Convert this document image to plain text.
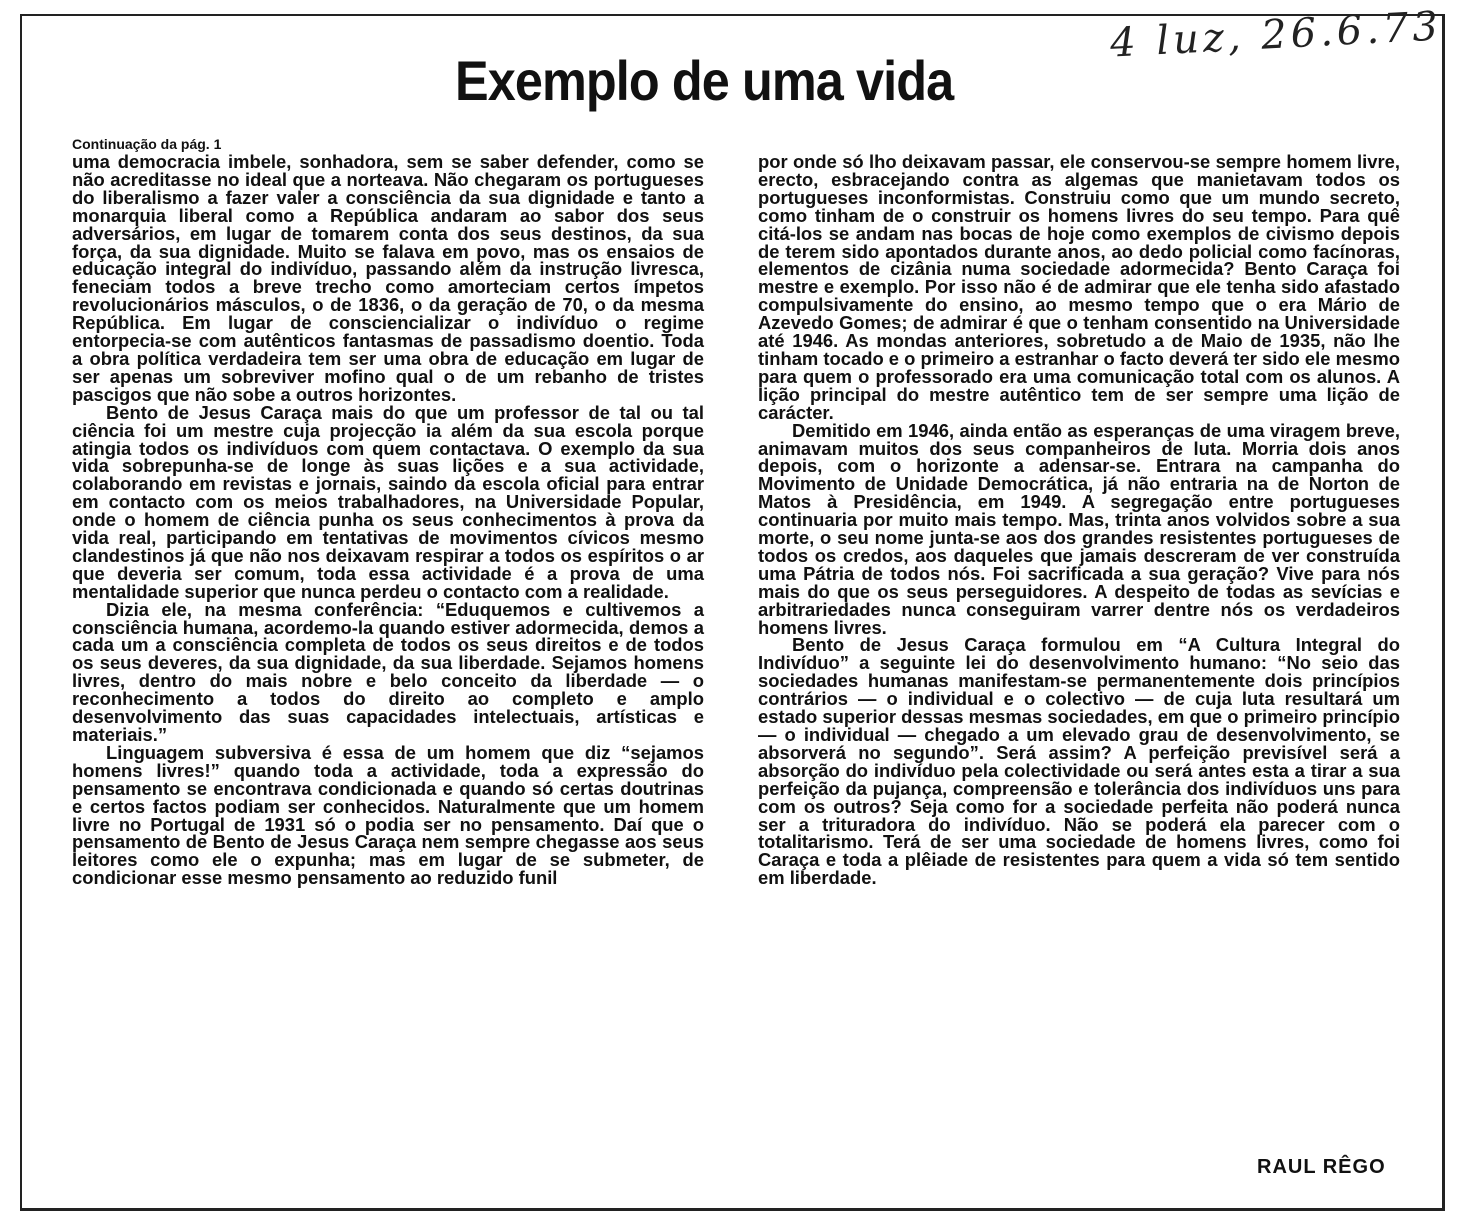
4 luz, 26.6.73
Exemplo de uma vida
Continuação da pág. 1

uma democracia imbele, sonhadora, sem se saber defender, como se não acreditasse no ideal que a norteava. Não chegaram os portugueses do liberalismo a fazer valer a consciência da sua dignidade e tanto a monarquia liberal como a República andaram ao sabor dos seus adversários, em lugar de tomarem conta dos seus destinos, da sua força, da sua dignidade. Muito se falava em povo, mas os ensaios de educação integral do indivíduo, passando além da instrução livresca, feneciam todos a breve trecho como amorteciam certos ímpetos revolucionários másculos, o de 1836, o da geração de 70, o da mesma República. Em lugar de consciencializar o indivíduo o regime entorpecia-se com autênticos fantasmas de passadismo doentio. Toda a obra política verdadeira tem ser uma obra de educação em lugar de ser apenas um sobreviver mofino qual o de um rebanho de tristes pascigos que não sobe a outros horizontes.

Bento de Jesus Caraça mais do que um professor de tal ou tal ciência foi um mestre cuja projecção ia além da sua escola porque atingia todos os indivíduos com quem contactava. O exemplo da sua vida sobrepunha-se de longe às suas lições e a sua actividade, colaborando em revistas e jornais, saindo da escola oficial para entrar em contacto com os meios trabalhadores, na Universidade Popular, onde o homem de ciência punha os seus conhecimentos à prova da vida real, participando em tentativas de movimentos cívicos mesmo clandestinos já que não nos deixavam respirar a todos os espíritos o ar que deveria ser comum, toda essa actividade é a prova de uma mentalidade superior que nunca perdeu o contacto com a realidade.

Dizia ele, na mesma conferência: “Eduquemos e cultivemos a consciência humana, acordemo-la quando estiver adormecida, demos a cada um a consciência completa de todos os seus direitos e de todos os seus deveres, da sua dignidade, da sua liberdade. Sejamos homens livres, dentro do mais nobre e belo conceito da liberdade — o reconhecimento a todos do direito ao completo e amplo desenvolvimento das suas capacidades intelectuais, artísticas e materiais.”

Linguagem subversiva é essa de um homem que diz “sejamos homens livres!” quando toda a actividade, toda a expressão do pensamento se encontrava condicionada e quando só certas doutrinas e certos factos podiam ser conhecidos. Naturalmente que um homem livre no Portugal de 1931 só o podia ser no pensamento. Daí que o pensamento de Bento de Jesus Caraça nem sempre chegasse aos seus leitores como ele o expunha; mas em lugar de se submeter, de condicionar esse mesmo pensamento ao reduzido funil

por onde só lho deixavam passar, ele conservou-se sempre homem livre, erecto, esbracejando contra as algemas que manietavam todos os portugueses inconformistas. Construiu como que um mundo secreto, como tinham de o construir os homens livres do seu tempo. Para quê citá-los se andam nas bocas de hoje como exemplos de civismo depois de terem sido apontados durante anos, ao dedo policial como facínoras, elementos de cizânia numa sociedade adormecida? Bento Caraça foi mestre e exemplo. Por isso não é de admirar que ele tenha sido afastado compulsivamente do ensino, ao mesmo tempo que o era Mário de Azevedo Gomes; de admirar é que o tenham consentido na Universidade até 1946. As mondas anteriores, sobretudo a de Maio de 1935, não lhe tinham tocado e o primeiro a estranhar o facto deverá ter sido ele mesmo para quem o professorado era uma comunicação total com os alunos. A lição principal do mestre autêntico tem de ser sempre uma lição de carácter.

Demitido em 1946, ainda então as esperanças de uma viragem breve, animavam muitos dos seus companheiros de luta. Morria dois anos depois, com o horizonte a adensar-se. Entrara na campanha do Movimento de Unidade Democrática, já não entraria na de Norton de Matos à Presidência, em 1949. A segregação entre portugueses continuaria por muito mais tempo. Mas, trinta anos volvidos sobre a sua morte, o seu nome junta-se aos dos grandes resistentes portugueses de todos os credos, aos daqueles que jamais descreram de ver construída uma Pátria de todos nós. Foi sacrificada a sua geração? Vive para nós mais do que os seus perseguidores. A despeito de todas as sevícias e arbitrariedades nunca conseguiram varrer dentre nós os verdadeiros homens livres.

Bento de Jesus Caraça formulou em “A Cultura Integral do Indivíduo” a seguinte lei do desenvolvimento humano: “No seio das sociedades humanas manifestam-se permanentemente dois princípios contrários — o individual e o colectivo — de cuja luta resultará um estado superior dessas mesmas sociedades, em que o primeiro princípio — o individual — chegado a um elevado grau de desenvolvimento, se absorverá no segundo”. Será assim? A perfeição previsível será a absorção do indivíduo pela colectividade ou será antes esta a tirar a sua perfeição da pujança, compreensão e tolerância dos indivíduos uns para com os outros? Seja como for a sociedade perfeita não poderá nunca ser a trituradora do indivíduo. Não se poderá ela parecer com o totalitarismo. Terá de ser uma sociedade de homens livres, como foi Caraça e toda a plêiade de resistentes para quem a vida só tem sentido em liberdade.

RAUL RÊGO
